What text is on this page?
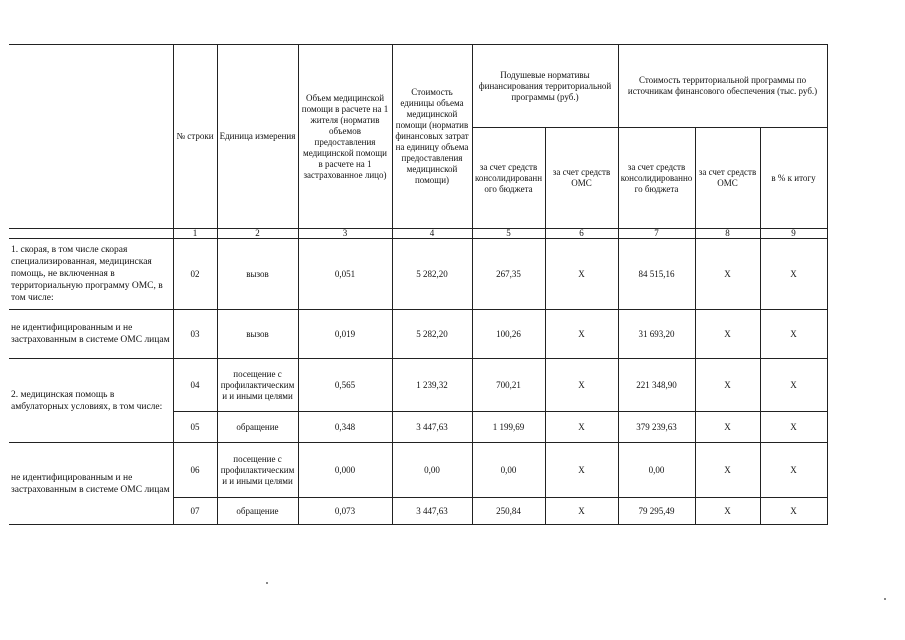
	№ строки	Единица измерения	Объем медицинской помощи в расчете на 1 жителя (норматив объемов предоставления медицинской помощи в расчете на 1 застрахованное лицо)	Стоимость единицы объема медицинской помощи (норматив финансовых затрат на единицу объема предоставления медицинской помощи)	Подушевые нормативы финансирования территориальной программы (руб.)		Стоимость территориальной программы по источникам финансового обеспечения (тыс. руб.)		
					за счет средств консолидированного бюджета	за счет средств ОМС	за счет средств консолидированного бюджета	за счет средств ОМС	в % к итогу
	1	2	3	4	5	6	7	8	9
1. скорая, в том числе скорая специализированная, медицинская помощь, не включенная в территориальную программу ОМС, в том числе:	02	вызов	0,051	5 282,20	267,35	X	84 515,16	X	X
не идентифицированным и не застрахованным в системе ОМС лицам	03	вызов	0,019	5 282,20	100,26	X	31 693,20	X	X
2. медицинская помощь в амбулаторных условиях, в том числе:	04	посещение с профилактическими и иными целями	0,565	1 239,32	700,21	X	221 348,90	X	X
	05	обращение	0,348	3 447,63	1 199,69	X	379 239,63	X	X
не идентифицированным и не застрахованным в системе ОМС лицам	06	посещение с профилактическими и иными целями	0,000	0,00	0,00	X	0,00	X	X
	07	обращение	0,073	3 447,63	250,84	X	79 295,49	X	X
